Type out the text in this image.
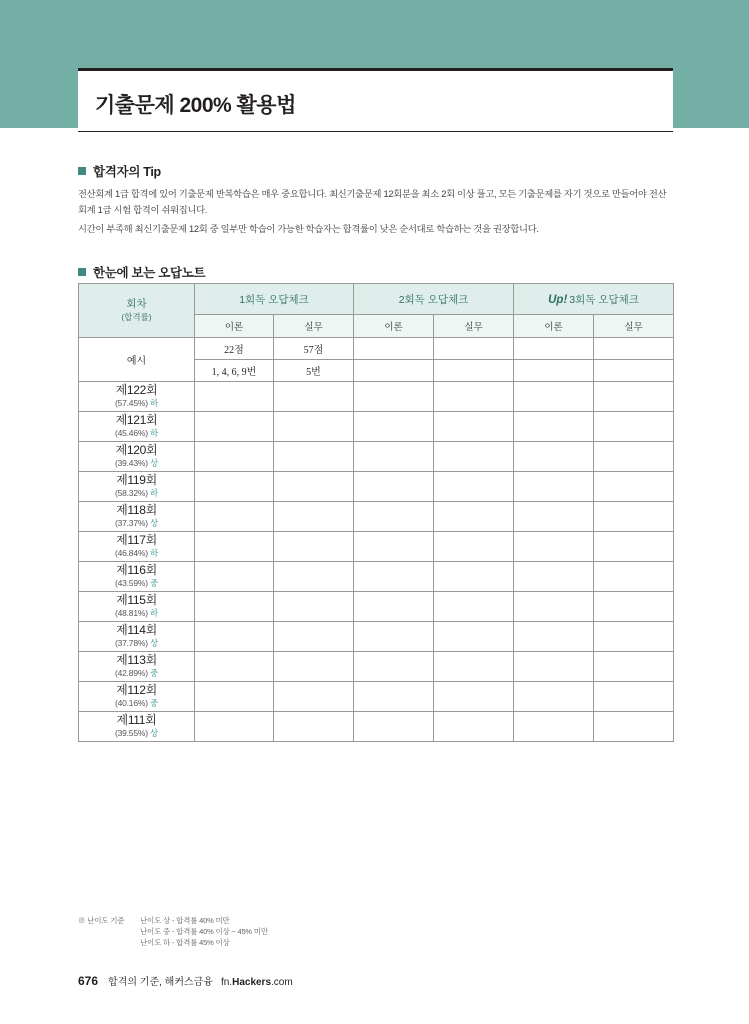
기출문제 200% 활용법
합격자의 Tip
전산회계 1급 합격에 있어 기출문제 반복학습은 매우 중요합니다. 최신기출문제 12회분을 최소 2회 이상 풀고, 모든 기출문제를 자기 것으로 만들어야 전산회계 1급 시험 합격이 쉬워집니다.
시간이 부족해 최신기출문제 12회 중 일부만 학습이 가능한 학습자는 합격률이 낮은 순서대로 학습하는 것을 권장합니다.
한눈에 보는 오답노트
회차
(합격률)	1회독 오답체크		2회독 오답체크		Up! 3회독 오답체크	
	이론	실무	이론	실무	이론	실무
예시	22점	57점				
	1, 4, 6, 9번	5번				

제122회
(57.45%) 하						

제121회
(45.46%) 하						

제120회
(39.43%) 상						

제119회
(58.32%) 하						

제118회
(37.37%) 상						

제117회
(46.84%) 하						

제116회
(43.59%) 중						

제115회
(48.81%) 하						

제114회
(37.78%) 상						

제113회
(42.89%) 중						

제112회
(40.16%) 중						

제111회
(39.55%) 상						

※ 난이도 기준 난이도 상 - 합격률 40% 미만
난이도 중 - 합격률 40% 이상 ~ 45% 미만
난이도 하 - 합격률 45% 이상
676 합격의 기준, 해커스금융 fn.Hackers.com
